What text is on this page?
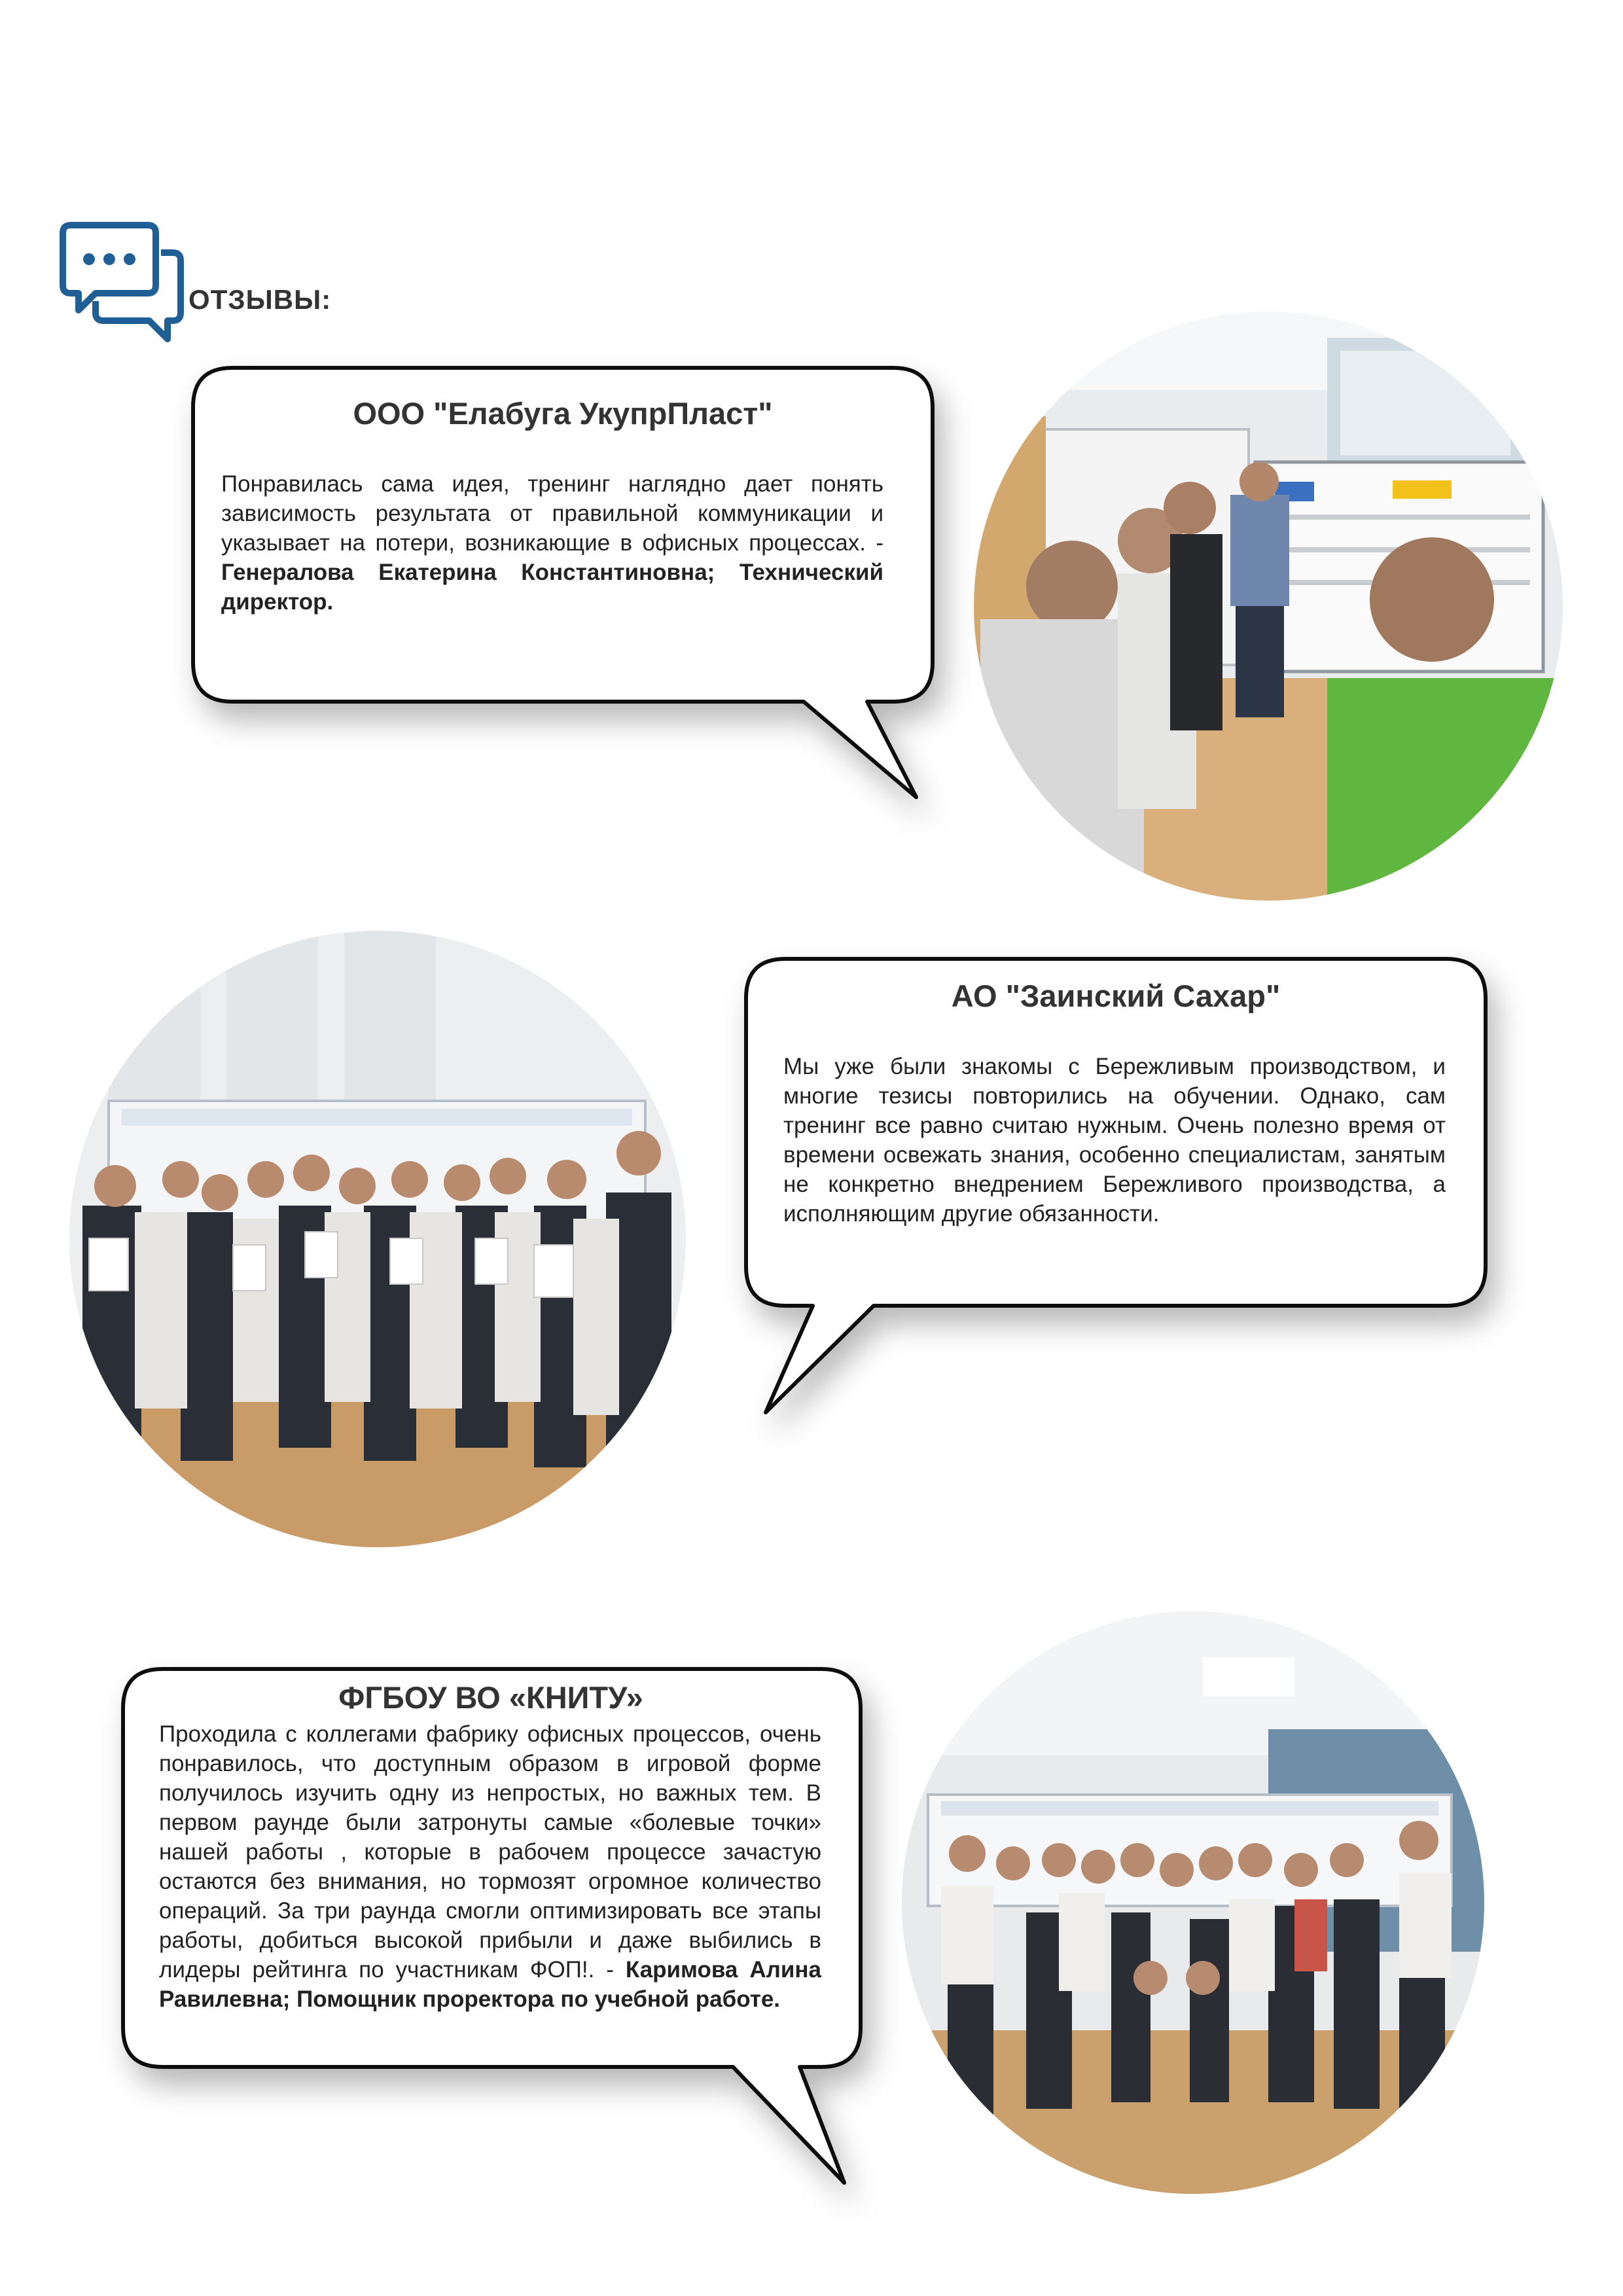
ОТЗЫВЫ:
ООО "Елабуга УкупрПласт"
Понравилась сама идея, тренинг наглядно дает понять зависимость результата от правильной коммуникации и указывает на потери, возникающие в офисных процессах. - Генералова Екатерина Константиновна; Технический директор.
АО "Заинский Сахар"
Мы уже были знакомы с Бережливым производством, и многие тезисы повторились на обучении. Однако, сам тренинг все равно считаю нужным. Очень полезно время от времени освежать знания, особенно специалистам, занятым не конкретно внедрением Бережливого производства, а исполняющим другие обязанности.
ФГБОУ ВО «КНИТУ»
Проходила с коллегами фабрику офисных процессов, очень понравилось, что доступным образом в игровой форме получилось изучить одну из непростых, но важных тем. В первом раунде были затронуты самые «болевые точки» нашей работы , которые в рабочем процессе зачастую остаются без внимания, но тормозят огромное количество операций. За три раунда смогли оптимизировать все этапы работы, добиться высокой прибыли и даже выбились в лидеры рейтинга по участникам ФОП!. - Каримова Алина Равилевна; Помощник проректора по учебной работе.
